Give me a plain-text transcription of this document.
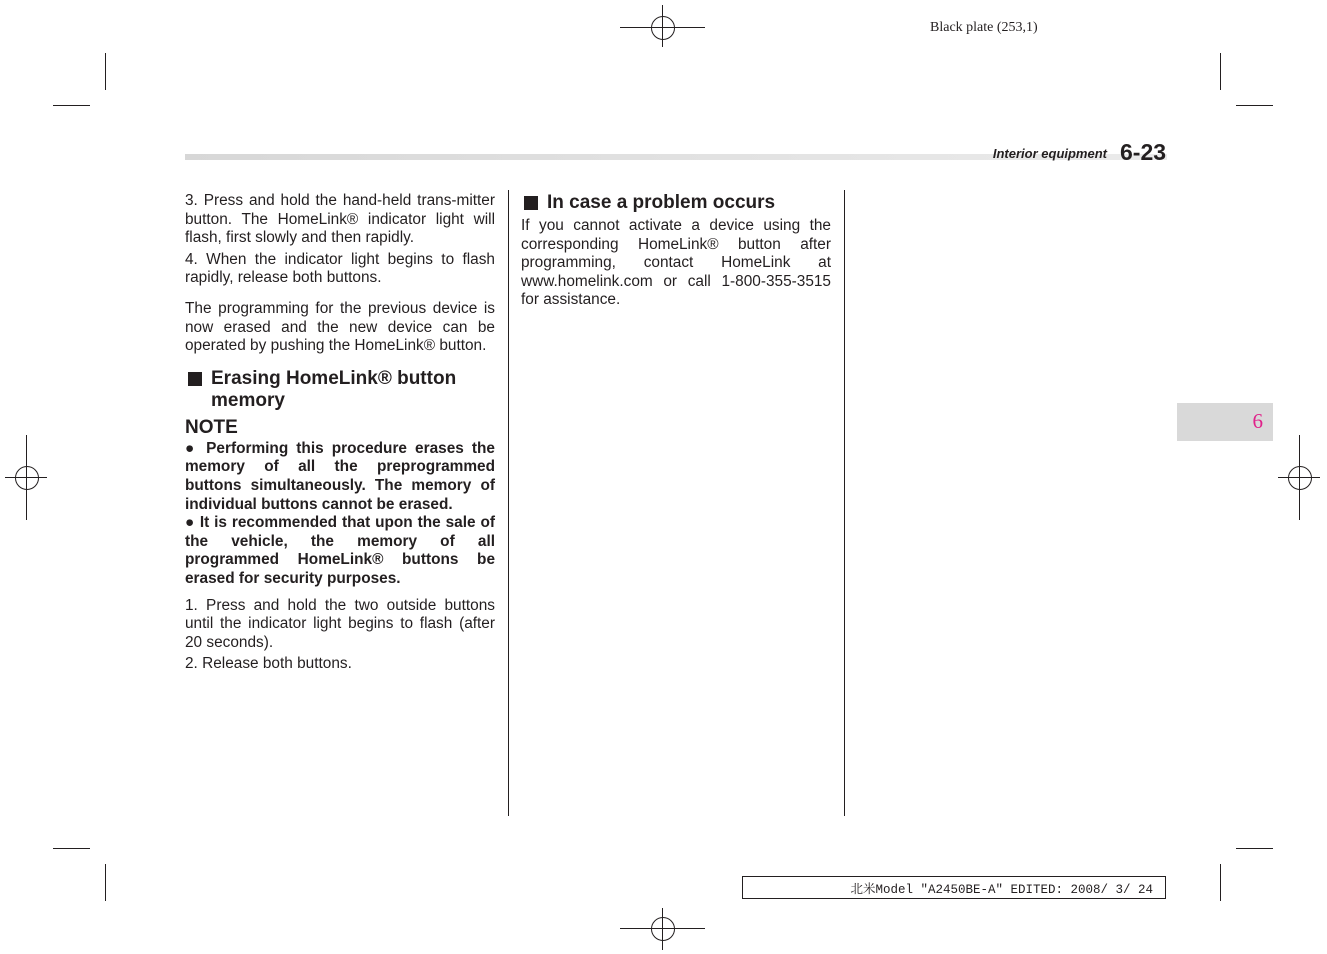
Black plate (253,1)
Interior equipment 6-23

3. Press and hold the hand-held trans-mitter button. The HomeLink® indicator light will flash, first slowly and then rapidly.

4. When the indicator light begins to flash rapidly, release both buttons.

The programming for the previous device is now erased and the new device can be operated by pushing the HomeLink® button.

Erasing HomeLink® button memory
NOTE

● Performing this procedure erases the memory of all the preprogrammed buttons simultaneously. The memory of individual buttons cannot be erased.

● It is recommended that upon the sale of the vehicle, the memory of all programmed HomeLink® buttons be erased for security purposes.

1. Press and hold the two outside buttons until the indicator light begins to flash (after 20 seconds).

2. Release both buttons.

In case a problem occurs

If you cannot activate a device using the corresponding HomeLink® button after programming, contact HomeLink at www.homelink.com or call 1-800-355-3515 for assistance.

6
北米Model "A2450BE-A" EDITED: 2008/ 3/ 24
